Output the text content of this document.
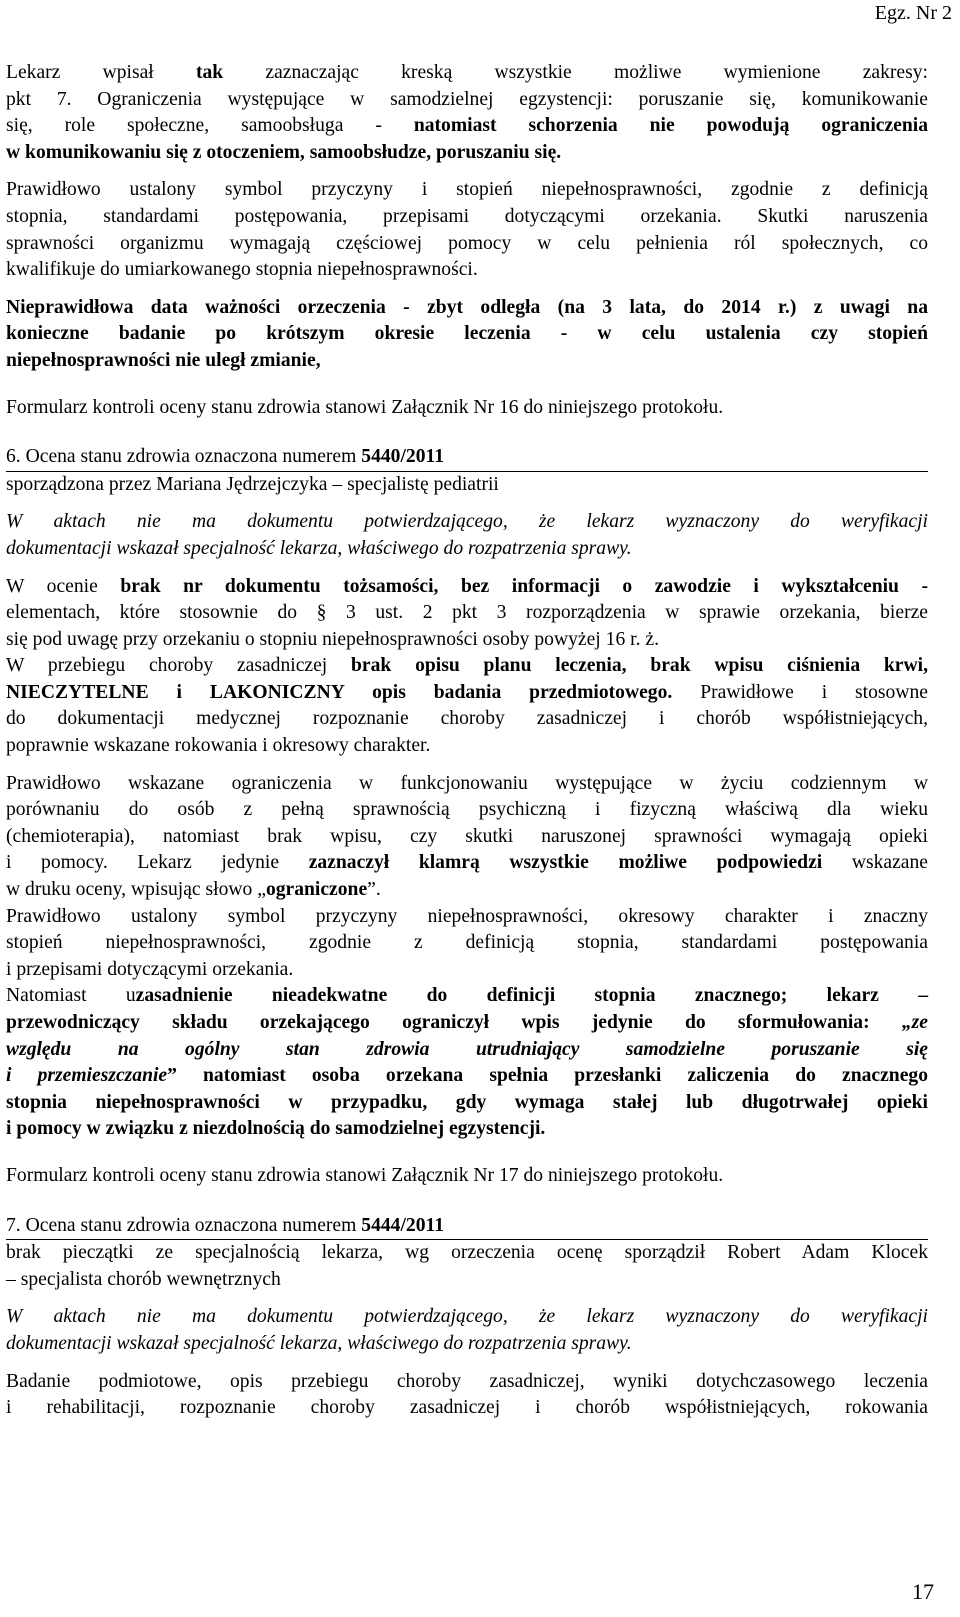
Egz. Nr 2

Lekarz wpisał tak zaznaczając kreską wszystkie możliwe wymienione zakresy:
pkt 7. Ograniczenia występujące w samodzielnej egzystencji: poruszanie się, komunikowanie
się, role społeczne, samoobsługa - natomiast schorzenia nie powodują ograniczenia
w komunikowaniu się z otoczeniem, samoobsłudze, poruszaniu się.

Prawidłowo ustalony symbol przyczyny i stopień niepełnosprawności, zgodnie z definicją
stopnia, standardami postępowania, przepisami dotyczącymi orzekania. Skutki naruszenia
sprawności organizmu wymagają częściowej pomocy w celu pełnienia ról społecznych, co
kwalifikuje do umiarkowanego stopnia niepełnosprawności.

Nieprawidłowa data ważności orzeczenia - zbyt odległa (na 3 lata, do 2014 r.) z uwagi na
konieczne badanie po krótszym okresie leczenia - w celu ustalenia czy stopień
niepełnosprawności nie uległ zmianie,

Formularz kontroli oceny stanu zdrowia stanowi Załącznik Nr 16 do niniejszego protokołu.

6. Ocena stanu zdrowia oznaczona numerem 5440/2011
sporządzona przez Mariana Jędrzejczyka – specjalistę pediatrii

W aktach nie ma dokumentu potwierdzającego, że lekarz wyznaczony do weryfikacji
dokumentacji wskazał specjalność lekarza, właściwego do rozpatrzenia sprawy.

W ocenie brak nr dokumentu tożsamości, bez informacji o zawodzie i wykształceniu -
elementach, które stosownie do § 3 ust. 2 pkt 3 rozporządzenia w sprawie orzekania, bierze
się pod uwagę przy orzekaniu o stopniu niepełnosprawności osoby powyżej 16 r. ż.

W przebiegu choroby zasadniczej brak opisu planu leczenia, brak wpisu ciśnienia krwi,
NIECZYTELNE i LAKONICZNY opis badania przedmiotowego. Prawidłowe i stosowne
do dokumentacji medycznej rozpoznanie choroby zasadniczej i chorób współistniejących,
poprawnie wskazane rokowania i okresowy charakter.

Prawidłowo wskazane ograniczenia w funkcjonowaniu występujące w życiu codziennym w
porównaniu do osób z pełną sprawnością psychiczną i fizyczną właściwą dla wieku
(chemioterapia), natomiast brak wpisu, czy skutki naruszonej sprawności wymagają opieki
i pomocy. Lekarz jedynie zaznaczył klamrą wszystkie możliwe podpowiedzi wskazane
w druku oceny, wpisując słowo „ograniczone”.

Prawidłowo ustalony symbol przyczyny niepełnosprawności, okresowy charakter i znaczny
stopień niepełnosprawności, zgodnie z definicją stopnia, standardami postępowania
i przepisami dotyczącymi orzekania.

Natomiast uzasadnienie nieadekwatne do definicji stopnia znacznego; lekarz –
przewodniczący składu orzekającego ograniczył wpis jedynie do sformułowania: „ze
względu na ogólny stan zdrowia utrudniający samodzielne poruszanie się
i przemieszczanie” natomiast osoba orzekana spełnia przesłanki zaliczenia do znacznego
stopnia niepełnosprawności w przypadku, gdy wymaga stałej lub długotrwałej opieki
i pomocy w związku z niezdolnością do samodzielnej egzystencji.

Formularz kontroli oceny stanu zdrowia stanowi Załącznik Nr 17 do niniejszego protokołu.

7. Ocena stanu zdrowia oznaczona numerem 5444/2011

brak pieczątki ze specjalnością lekarza, wg orzeczenia ocenę sporządził Robert Adam Klocek
– specjalista chorób wewnętrznych

W aktach nie ma dokumentu potwierdzającego, że lekarz wyznaczony do weryfikacji
dokumentacji wskazał specjalność lekarza, właściwego do rozpatrzenia sprawy.

Badanie podmiotowe, opis przebiegu choroby zasadniczej, wyniki dotychczasowego leczenia
i rehabilitacji, rozpoznanie choroby zasadniczej i chorób współistniejących, rokowania

17
